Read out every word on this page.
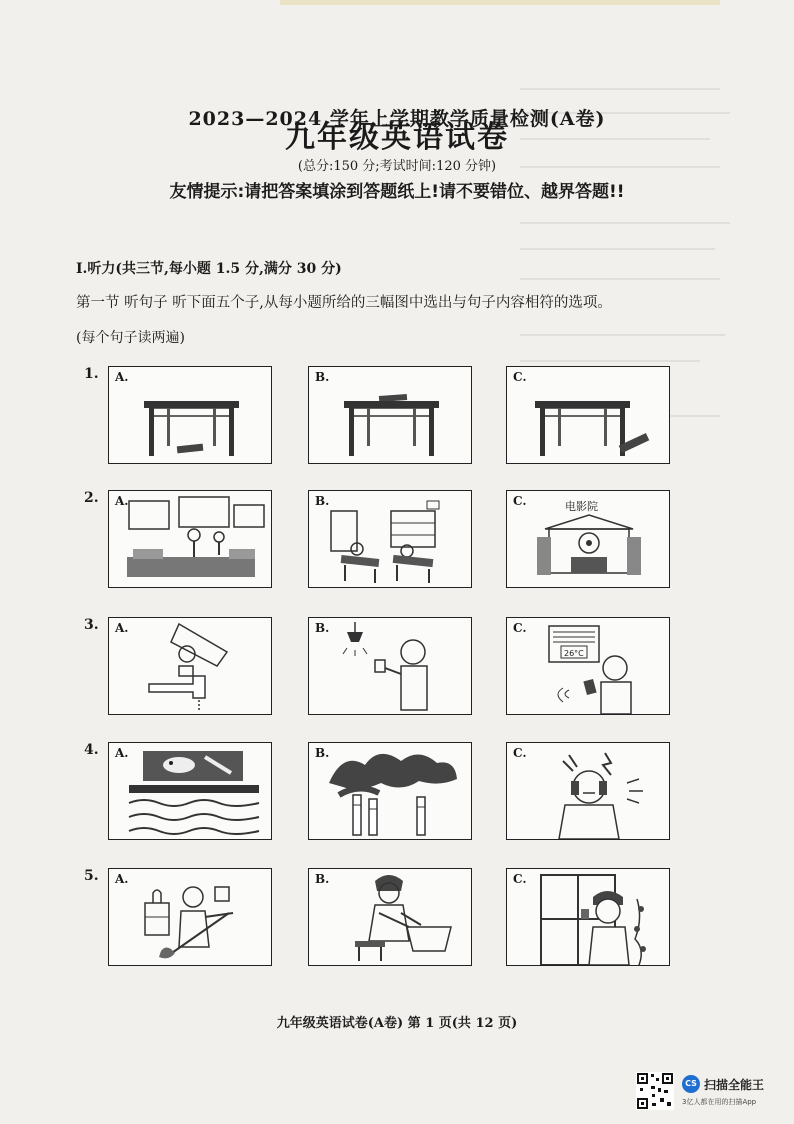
2023—2024 学年上学期教学质量检测(A卷)
九年级英语试卷
(总分:150 分;考试时间:120 分钟)
友情提示:请把答案填涂到答题纸上!请不要错位、越界答题!!
I.听力(共三节,每小题 1.5 分,满分 30 分)
第一节 听句子 听下面五个子,从每小题所给的三幅图中选出与句子内容相符的选项。
(每个句子读两遍)
1. A.	B.	C.
2. A.	B.	C.	电影院
3. A.	B.	C.
26°C
4. A.	B.	C.
5. A.	B.	C.
九年级英语试卷(A卷) 第 1 页(共 12 页)
CS 扫描全能王
3亿人都在用的扫描App
